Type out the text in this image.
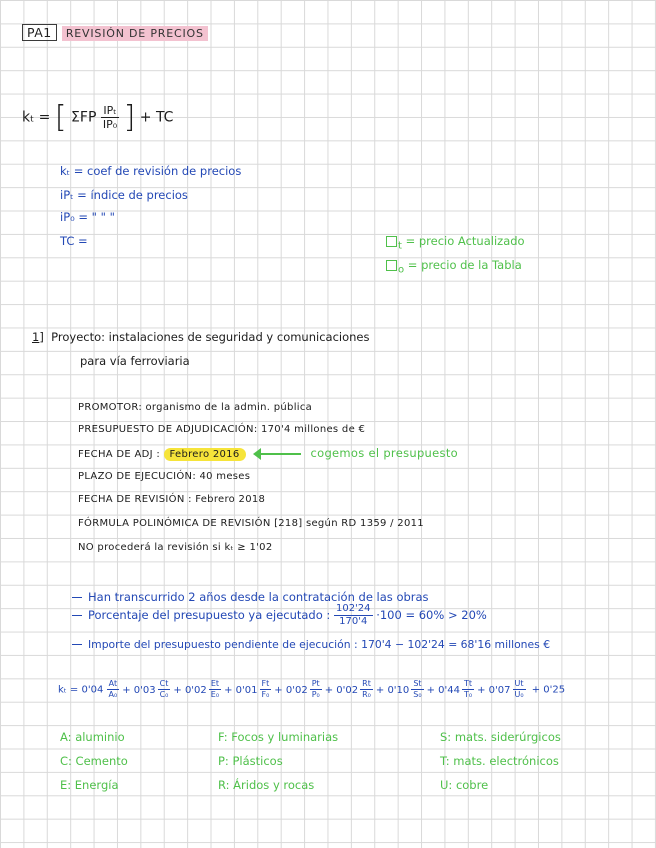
PA1 REVISIÓN DE PRECIOS
kₜ = [ ΣFP $\frac{\text{IPₜ}}{\text{IP₀}}$ ] + TC
kₜ = coef de revisión de precios
iPₜ = índice de precios
iP₀ = " " "
TC =	$_t$ = precio Actualizado
$_o$ = precio de la Tabla
1] Proyecto: instalaciones de seguridad y comunicaciones
para vía ferroviaria
PROMOTOR: organismo de la admin. pública
PRESUPUESTO DE ADJUDICACIÓN: 170'4 millones de €
FECHA DE ADJ : Febrero 2016	cogemos el presupuesto
PLAZO DE EJECUCIÓN: 40 meses
FECHA DE REVISIÓN : Febrero 2018
FÓRMULA POLINÓMICA DE REVISIÓN [218] según RD 1359 / 2011
NO procederá la revisión si kₜ ≥ 1'02
Han transcurrido 2 años desde la contratación de las obras
Porcentaje del presupuesto ya ejecutado : $\frac{102'24}{170'4} \cdot 100 = 60\% > 20\%$
Importe del presupuesto pendiente de ejecución : 170'4 − 102'24 = 68'16 millones €
$k_t = 0'04 \frac{At}{\text{A₀}} + 0'03 \frac{Ct}{\text{C₀}} + 0'02 \frac{Et}{\text{E₀}} + 0'01 \frac{Ft}{\text{F₀}} + 0'02 \frac{Pt}{\text{P₀}} + 0'02 \frac{Rt}{\text{R₀}} + 0'10 \frac{St}{\text{S₀}} + 0'44 \frac{Tt}{\text{T₀}} + 0'07 \frac{Ut}{\text{U₀}} + 0'25$
A: aluminio
C: Cemento
E: Energía
F: Focos y luminarias
P: Plásticos
R: Áridos y rocas
S: mats. siderúrgicos
T: mats. electrónicos
U: cobre
